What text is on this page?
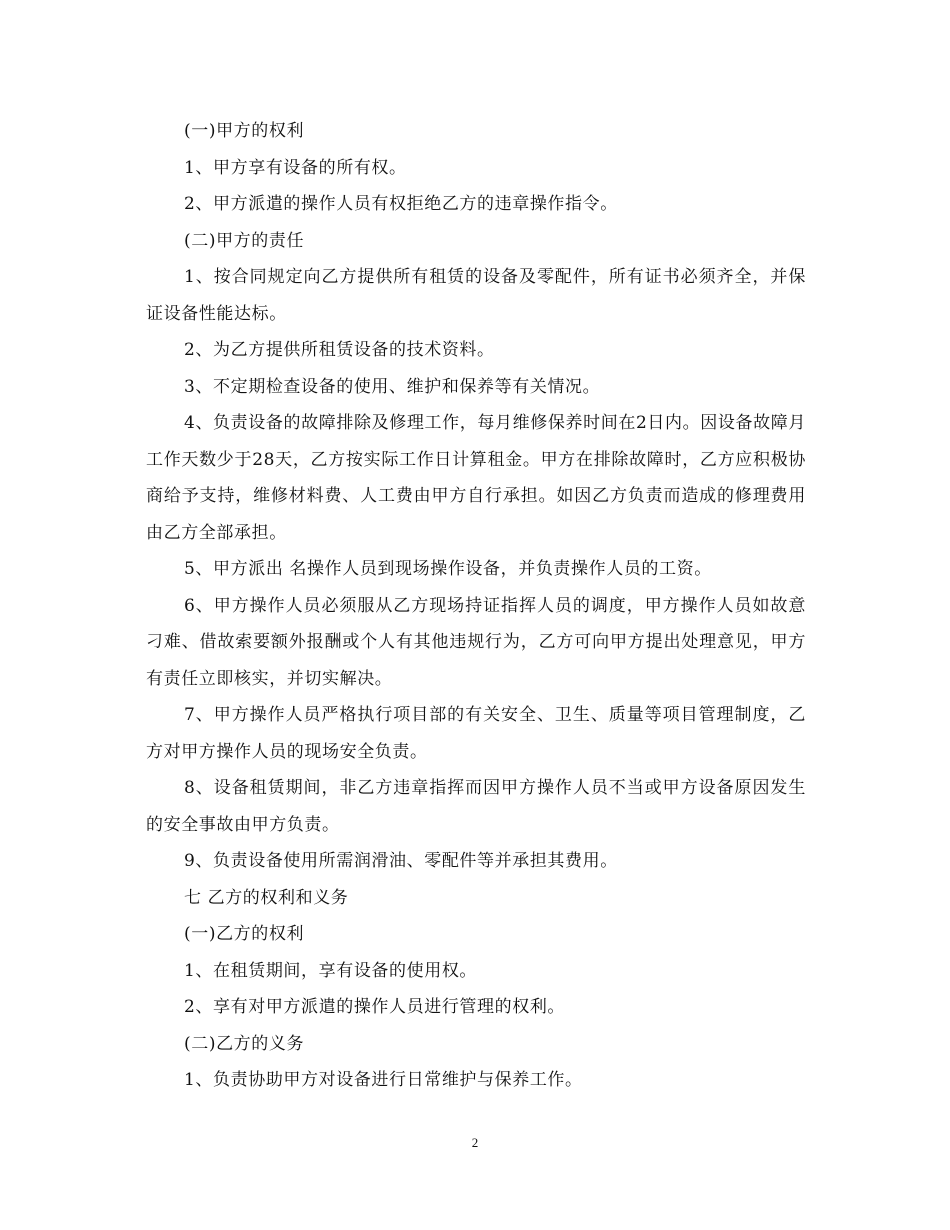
(一)甲方的权利

1、甲方享有设备的所有权。

2、甲方派遣的操作人员有权拒绝乙方的违章操作指令。

(二)甲方的责任

1、按合同规定向乙方提供所有租赁的设备及零配件，所有证书必须齐全，并保证设备性能达标。

2、为乙方提供所租赁设备的技术资料。

3、不定期检查设备的使用、维护和保养等有关情况。

4、负责设备的故障排除及修理工作，每月维修保养时间在2日内。因设备故障月工作天数少于28天，乙方按实际工作日计算租金。甲方在排除故障时，乙方应积极协商给予支持，维修材料费、人工费由甲方自行承担。如因乙方负责而造成的修理费用由乙方全部承担。

5、甲方派出 名操作人员到现场操作设备，并负责操作人员的工资。

6、甲方操作人员必须服从乙方现场持证指挥人员的调度，甲方操作人员如故意刁难、借故索要额外报酬或个人有其他违规行为，乙方可向甲方提出处理意见，甲方有责任立即核实，并切实解决。

7、甲方操作人员严格执行项目部的有关安全、卫生、质量等项目管理制度，乙方对甲方操作人员的现场安全负责。

8、设备租赁期间，非乙方违章指挥而因甲方操作人员不当或甲方设备原因发生的安全事故由甲方负责。

9、负责设备使用所需润滑油、零配件等并承担其费用。

七 乙方的权利和义务

(一)乙方的权利

1、在租赁期间，享有设备的使用权。

2、享有对甲方派遣的操作人员进行管理的权利。

(二)乙方的义务

1、负责协助甲方对设备进行日常维护与保养工作。

2
